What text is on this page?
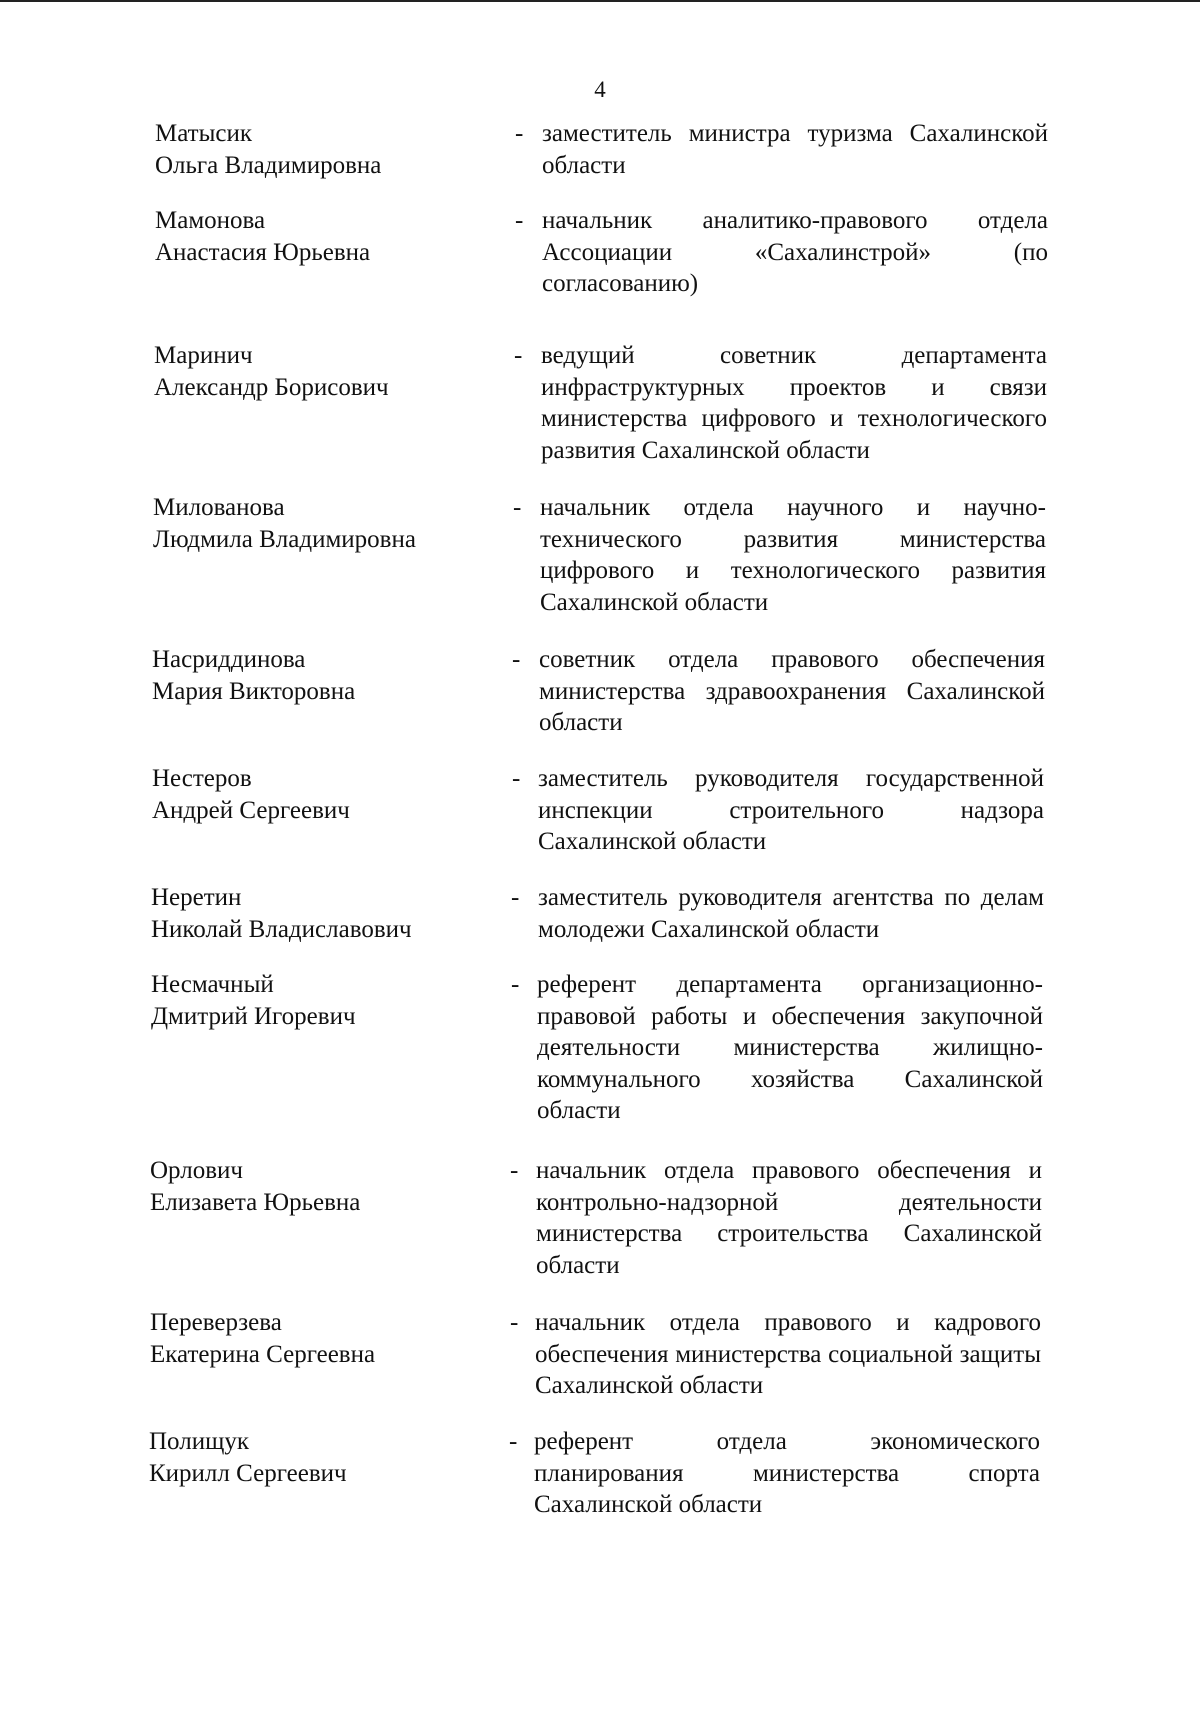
4
Матысик
Ольга Владимировна
- заместитель министра туризма Сахалинской области
Мамонова
Анастасия Юрьевна
- начальник аналитико-правового отдела Ассоциации «Сахалинстрой» (по согласованию)
Маринич
Александр Борисович
- ведущий советник департамента инфраструктурных проектов и связи министерства цифрового и технологического развития Сахалинской области
Милованова
Людмила Владимировна
- начальник отдела научного и научно-технического развития министерства цифрового и технологического развития Сахалинской области
Насриддинова
Мария Викторовна
- советник отдела правового обеспечения министерства здравоохранения Сахалинской области
Нестеров
Андрей Сергеевич
- заместитель руководителя государственной инспекции строительного надзора Сахалинской области
Неретин
Николай Владиславович
- заместитель руководителя агентства по делам молодежи Сахалинской области
Несмачный
Дмитрий Игоревич
- референт департамента организационно-правовой работы и обеспечения закупочной деятельности министерства жилищно-коммунального хозяйства Сахалинской области
Орлович
Елизавета Юрьевна
- начальник отдела правового обеспечения и контрольно-надзорной деятельности министерства строительства Сахалинской области
Переверзева
Екатерина Сергеевна
- начальник отдела правового и кадрового обеспечения министерства социальной защиты Сахалинской области
Полищук
Кирилл Сергеевич
- референт отдела экономического планирования министерства спорта Сахалинской области
